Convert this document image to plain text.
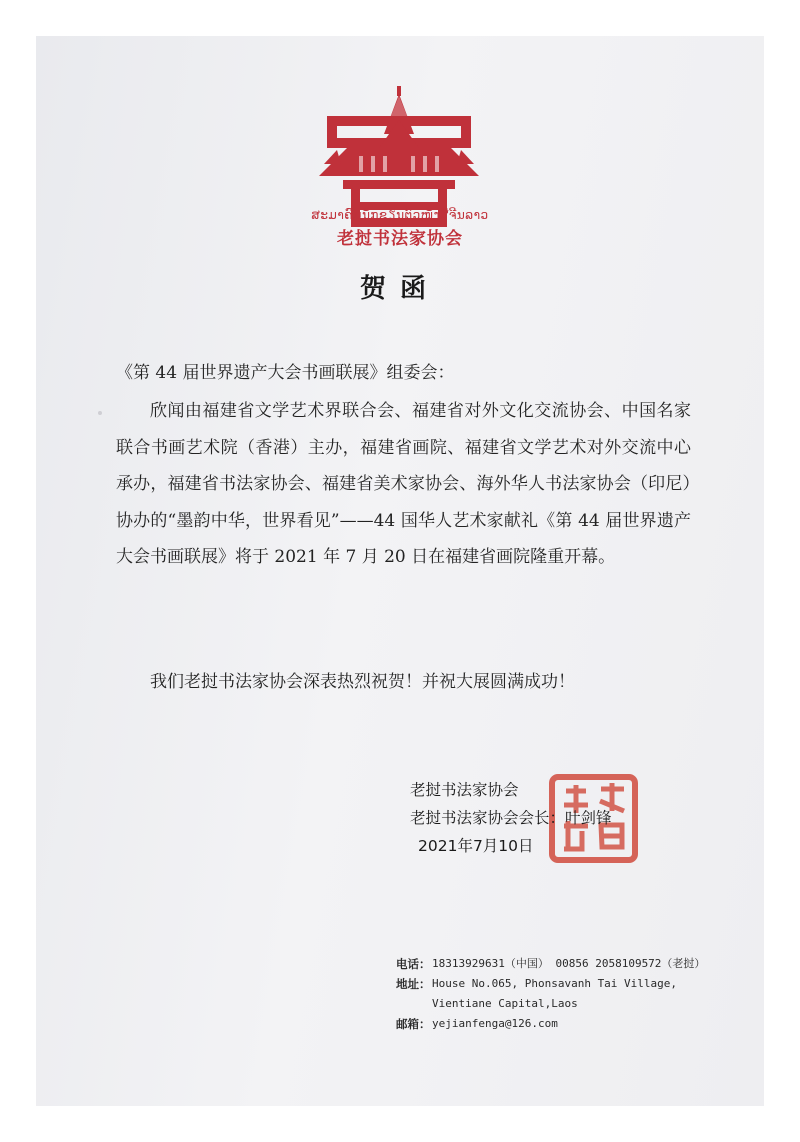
ສະມາຄົມນັກຂຽນຕົວໜັງສືຈີນລາວ
老挝书法家协会
贺函
《第 44 届世界遗产大会书画联展》组委会：

欣闻由福建省文学艺术界联合会、福建省对外文化交流协会、中国名家联合书画艺术院（香港）主办，福建省画院、福建省文学艺术对外交流中心承办，福建省书法家协会、福建省美术家协会、海外华人书法家协会（印尼）协办的“墨韵中华，世界看见”——44 国华人艺术家献礼《第 44 届世界遗产大会书画联展》将于 2021 年 7 月 20 日在福建省画院隆重开幕。

我们老挝书法家协会深表热烈祝贺！并祝大展圆满成功！

老挝书法家协会
老挝书法家协会会长：叶剑锋
2021年7月10日
电话： 18313929631（中国） 00856 2058109572（老挝）
地址： House No.065, Phonsavanh Tai Village,
Vientiane Capital,Laos
邮箱： yejianfenga@126.com
